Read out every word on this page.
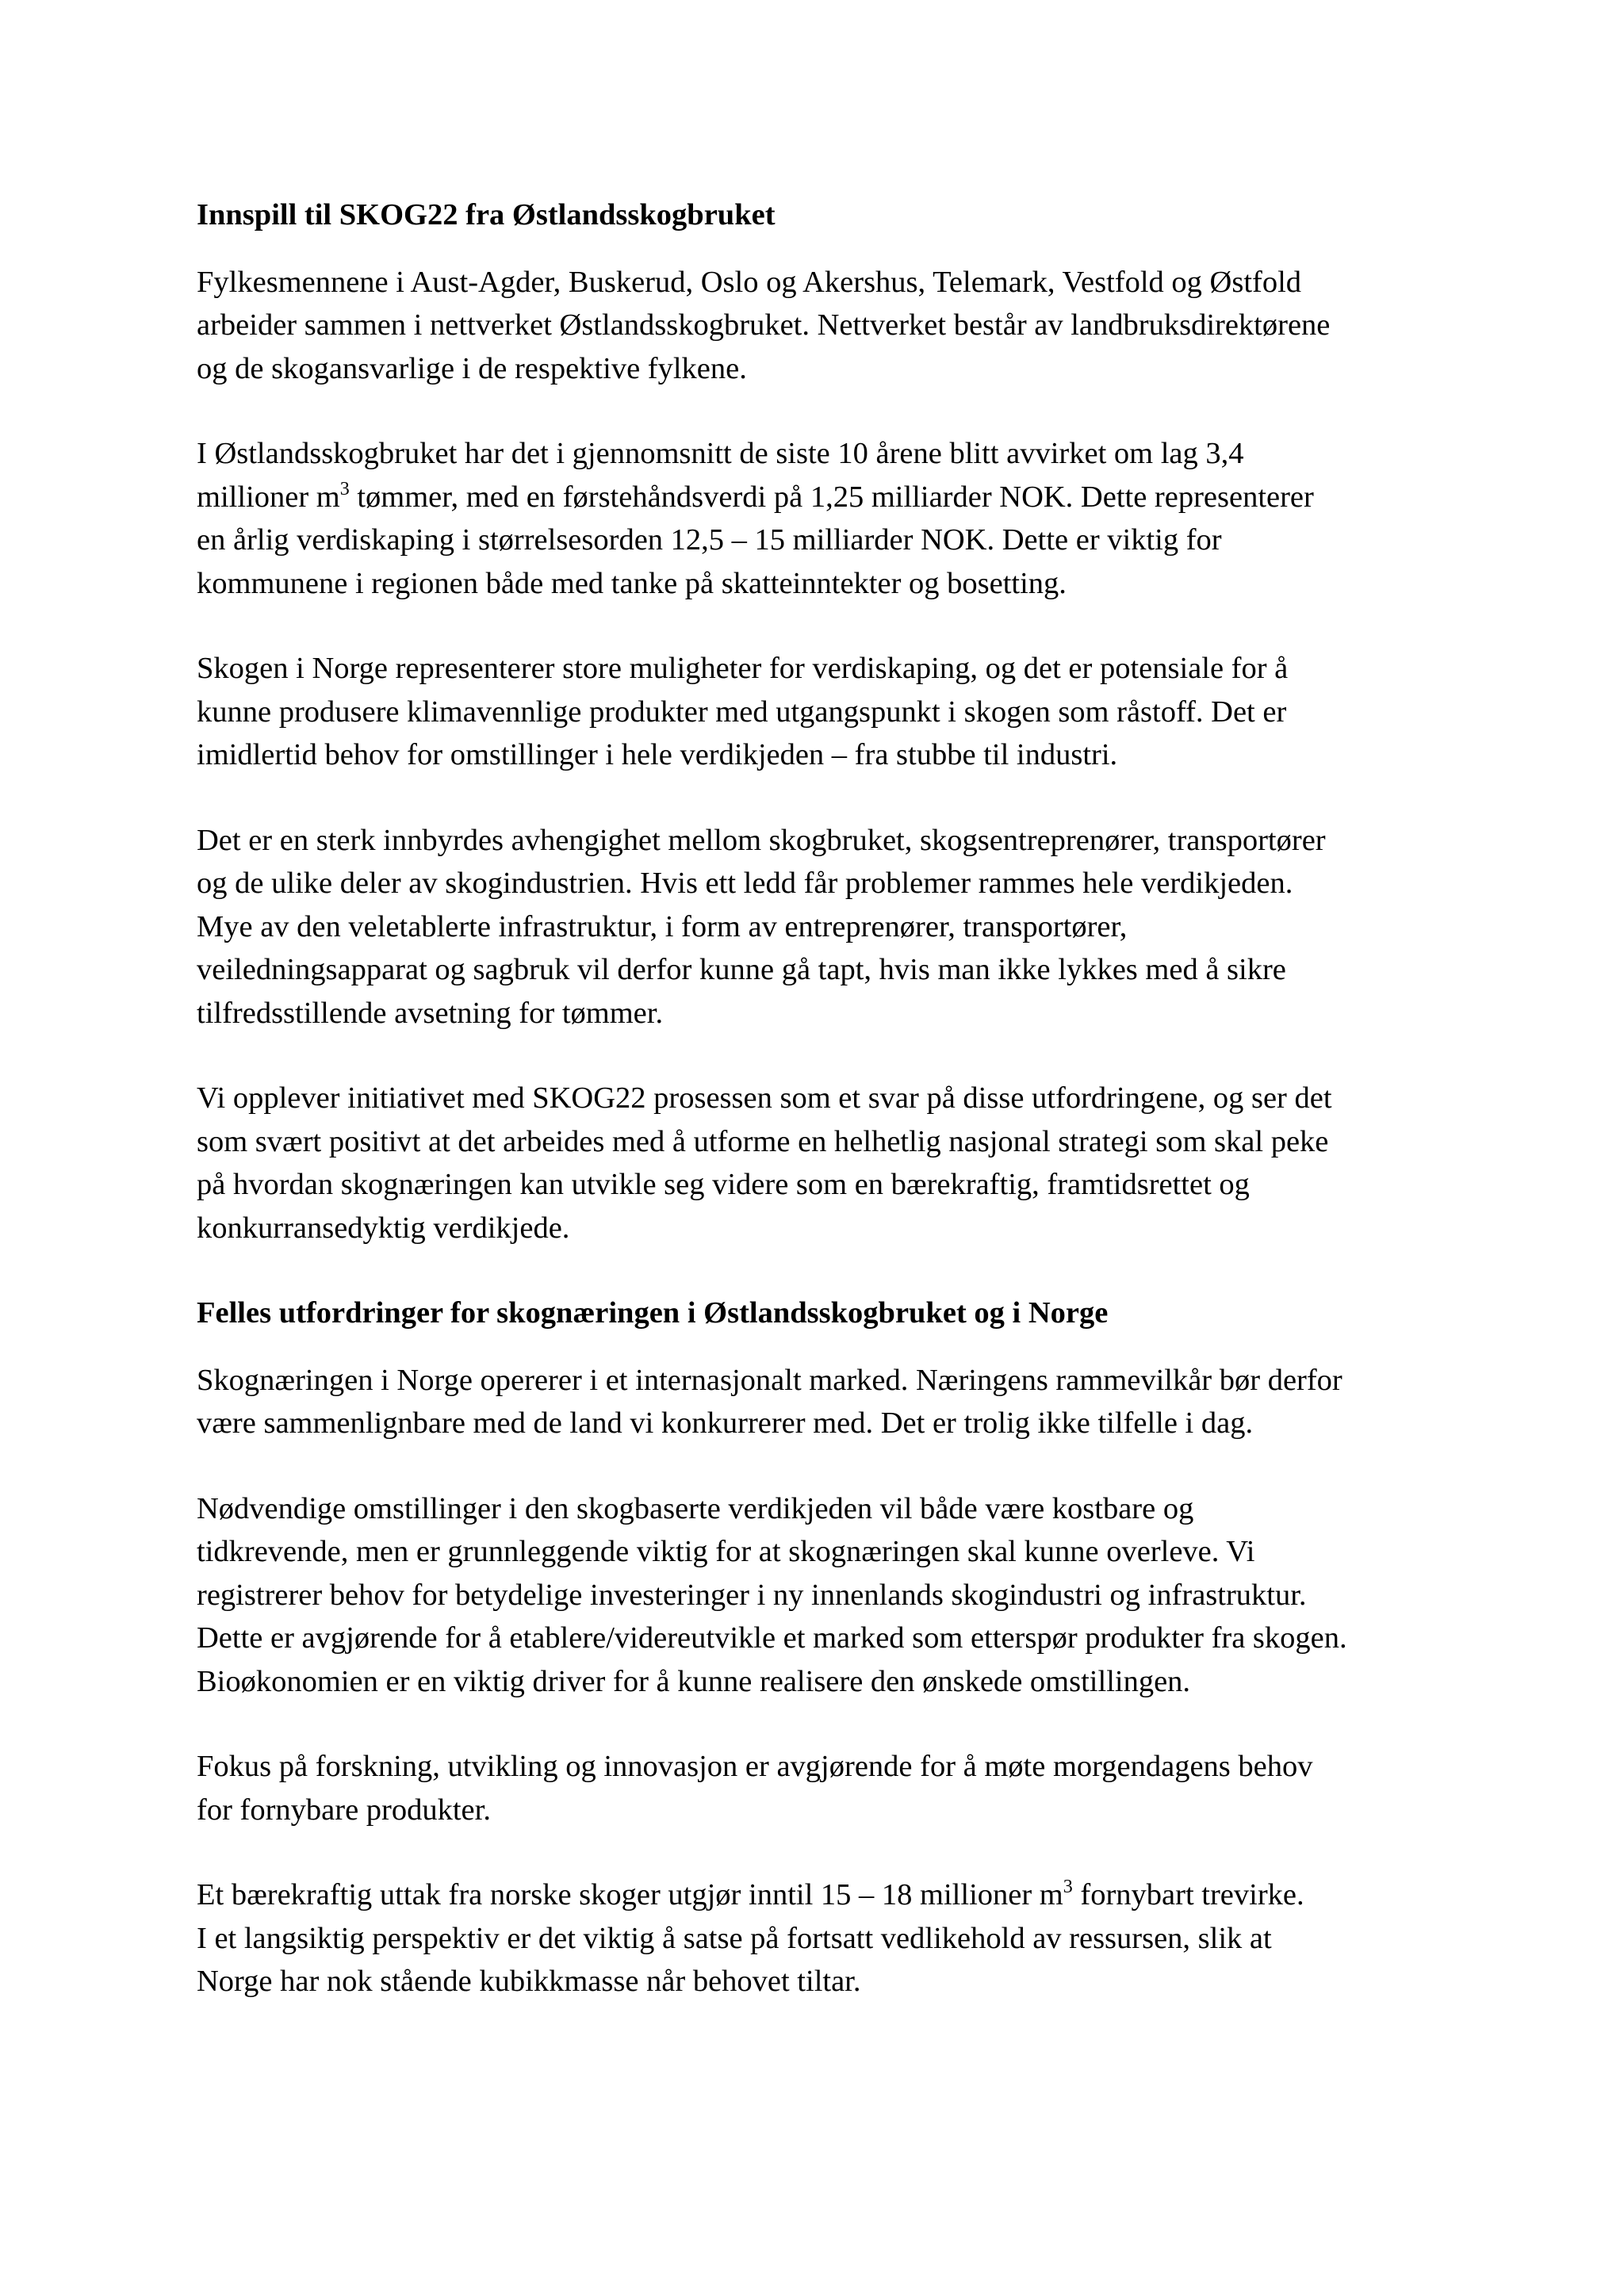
Innspill til SKOG22 fra Østlandsskogbruket

Fylkesmennene i Aust-Agder, Buskerud, Oslo og Akershus, Telemark, Vestfold og Østfold
arbeider sammen i nettverket Østlandsskogbruket. Nettverket består av landbruksdirektørene
og de skogansvarlige i de respektive fylkene.

I Østlandsskogbruket har det i gjennomsnitt de siste 10 årene blitt avvirket om lag 3,4
millioner $m^3$ tømmer, med en førstehåndsverdi på 1,25 milliarder NOK. Dette representerer
en årlig verdiskaping i størrelsesorden 12,5 – 15 milliarder NOK. Dette er viktig for
kommunene i regionen både med tanke på skatteinntekter og bosetting.

Skogen i Norge representerer store muligheter for verdiskaping, og det er potensiale for å
kunne produsere klimavennlige produkter med utgangspunkt i skogen som råstoff. Det er
imidlertid behov for omstillinger i hele verdikjeden – fra stubbe til industri.

Det er en sterk innbyrdes avhengighet mellom skogbruket, skogsentreprenører, transportører
og de ulike deler av skogindustrien. Hvis ett ledd får problemer rammes hele verdikjeden.
Mye av den veletablerte infrastruktur, i form av entreprenører, transportører,
veiledningsapparat og sagbruk vil derfor kunne gå tapt, hvis man ikke lykkes med å sikre
tilfredsstillende avsetning for tømmer.

Vi opplever initiativet med SKOG22 prosessen som et svar på disse utfordringene, og ser det
som svært positivt at det arbeides med å utforme en helhetlig nasjonal strategi som skal peke
på hvordan skognæringen kan utvikle seg videre som en bærekraftig, framtidsrettet og
konkurransedyktig verdikjede.

Felles utfordringer for skognæringen i Østlandsskogbruket og i Norge

Skognæringen i Norge opererer i et internasjonalt marked. Næringens rammevilkår bør derfor
være sammenlignbare med de land vi konkurrerer med. Det er trolig ikke tilfelle i dag.

Nødvendige omstillinger i den skogbaserte verdikjeden vil både være kostbare og
tidkrevende, men er grunnleggende viktig for at skognæringen skal kunne overleve. Vi
registrerer behov for betydelige investeringer i ny innenlands skogindustri og infrastruktur.
Dette er avgjørende for å etablere/videreutvikle et marked som etterspør produkter fra skogen.
Bioøkonomien er en viktig driver for å kunne realisere den ønskede omstillingen.

Fokus på forskning, utvikling og innovasjon er avgjørende for å møte morgendagens behov
for fornybare produkter.

Et bærekraftig uttak fra norske skoger utgjør inntil 15 – 18 millioner $m^3$ fornybart trevirke.
I et langsiktig perspektiv er det viktig å satse på fortsatt vedlikehold av ressursen, slik at
Norge har nok stående kubikkmasse når behovet tiltar.
